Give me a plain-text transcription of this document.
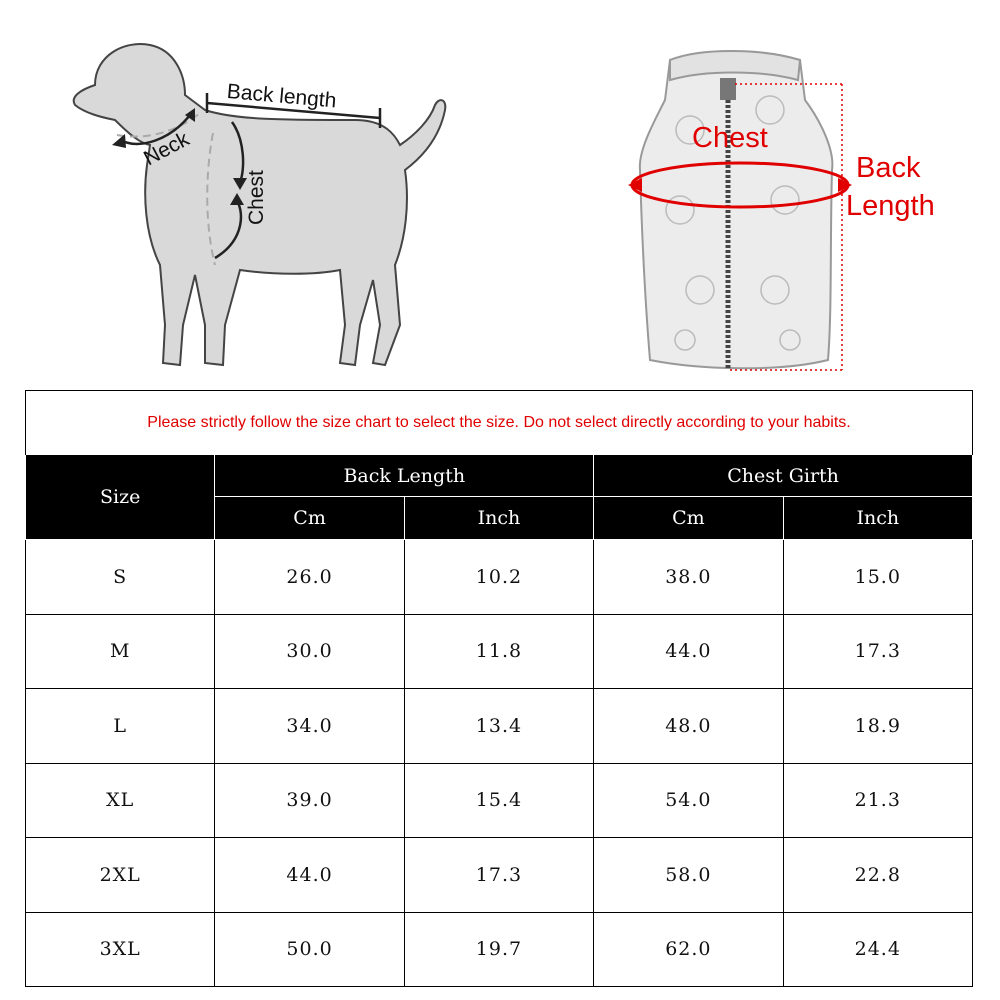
Back length
Neck
Chest
Chest
Back
Length
Please strictly follow the size chart to select the size. Do not select directly according to your habits.				
Size	Back Length		Chest Girth	
	Cm	Inch	Cm	Inch
S	26.0	10.2	38.0	15.0
M	30.0	11.8	44.0	17.3
L	34.0	13.4	48.0	18.9
XL	39.0	15.4	54.0	21.3
2XL	44.0	17.3	58.0	22.8
3XL	50.0	19.7	62.0	24.4
